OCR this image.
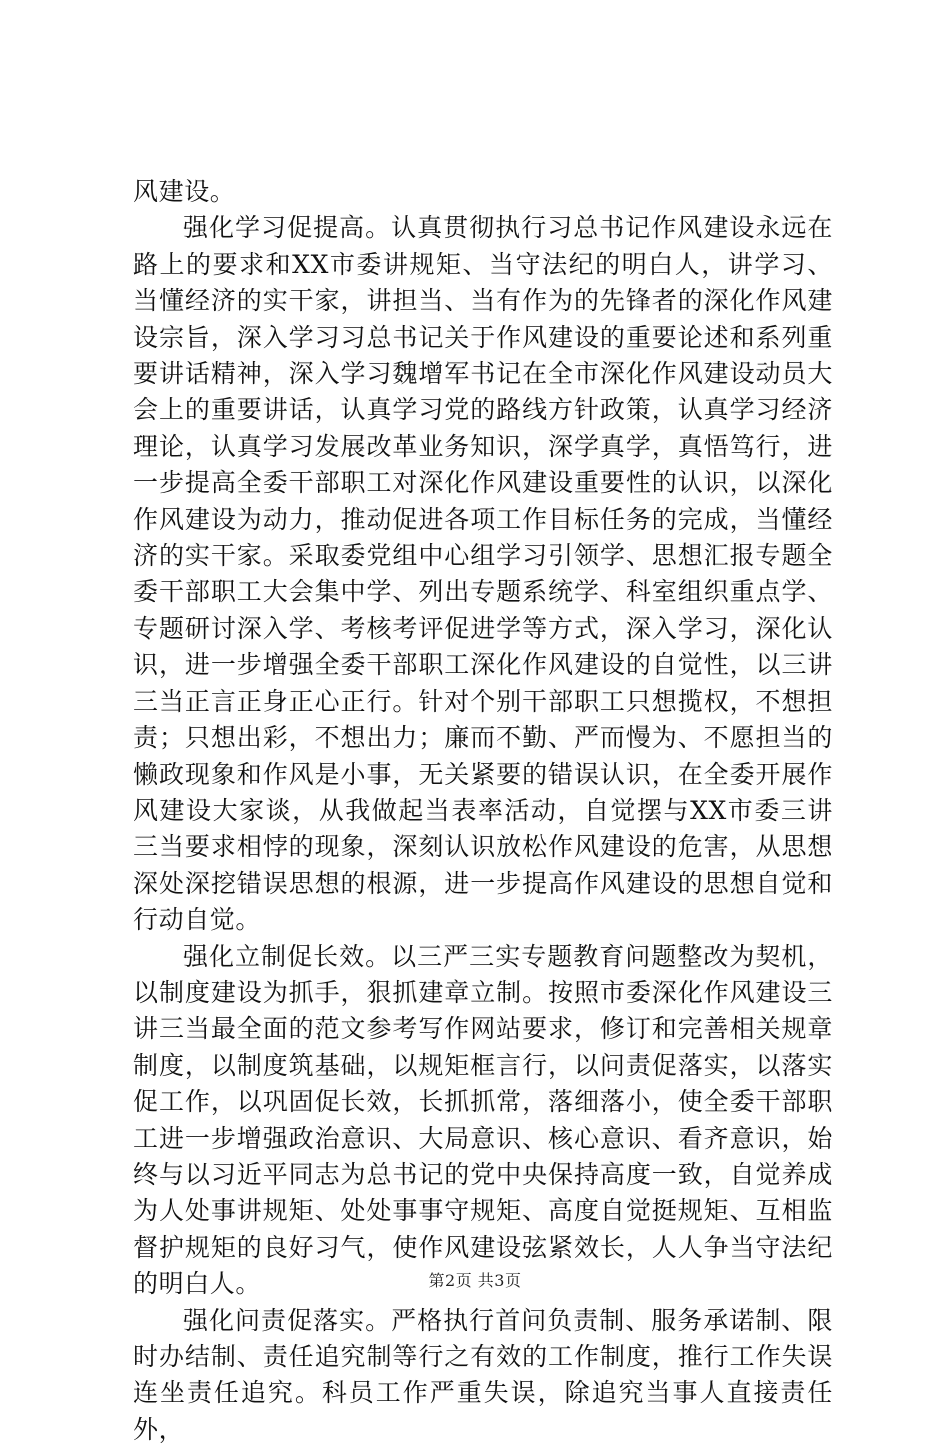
风建设。

强化学习促提高。认真贯彻执行习总书记作风建设永远在路上的要求和XX市委讲规矩、当守法纪的明白人，讲学习、当懂经济的实干家，讲担当、当有作为的先锋者的深化作风建设宗旨，深入学习习总书记关于作风建设的重要论述和系列重要讲话精神，深入学习魏增军书记在全市深化作风建设动员大会上的重要讲话，认真学习党的路线方针政策，认真学习经济理论，认真学习发展改革业务知识，深学真学，真悟笃行，进一步提高全委干部职工对深化作风建设重要性的认识，以深化作风建设为动力，推动促进各项工作目标任务的完成，当懂经济的实干家。采取委党组中心组学习引领学、思想汇报专题全委干部职工大会集中学、列出专题系统学、科室组织重点学、专题研讨深入学、考核考评促进学等方式，深入学习，深化认识，进一步增强全委干部职工深化作风建设的自觉性，以三讲三当正言正身正心正行。针对个别干部职工只想揽权，不想担责；只想出彩，不想出力；廉而不勤、严而慢为、不愿担当的懒政现象和作风是小事，无关紧要的错误认识，在全委开展作风建设大家谈，从我做起当表率活动，自觉摆与XX市委三讲三当要求相悖的现象，深刻认识放松作风建设的危害，从思想深处深挖错误思想的根源，进一步提高作风建设的思想自觉和行动自觉。

强化立制促长效。以三严三实专题教育问题整改为契机，以制度建设为抓手，狠抓建章立制。按照市委深化作风建设三讲三当最全面的范文参考写作网站要求，修订和完善相关规章制度，以制度筑基础，以规矩框言行，以问责促落实，以落实促工作，以巩固促长效，长抓抓常，落细落小，使全委干部职工进一步增强政治意识、大局意识、核心意识、看齐意识，始终与以习近平同志为总书记的党中央保持高度一致，自觉养成为人处事讲规矩、处处事事守规矩、高度自觉挺规矩、互相监督护规矩的良好习气，使作风建设弦紧效长，人人争当守法纪的明白人。

强化问责促落实。严格执行首问负责制、服务承诺制、限时办结制、责任追究制等行之有效的工作制度，推行工作失误连坐责任追究。科员工作严重失误，除追究当事人直接责任外，

第2页 共3页
